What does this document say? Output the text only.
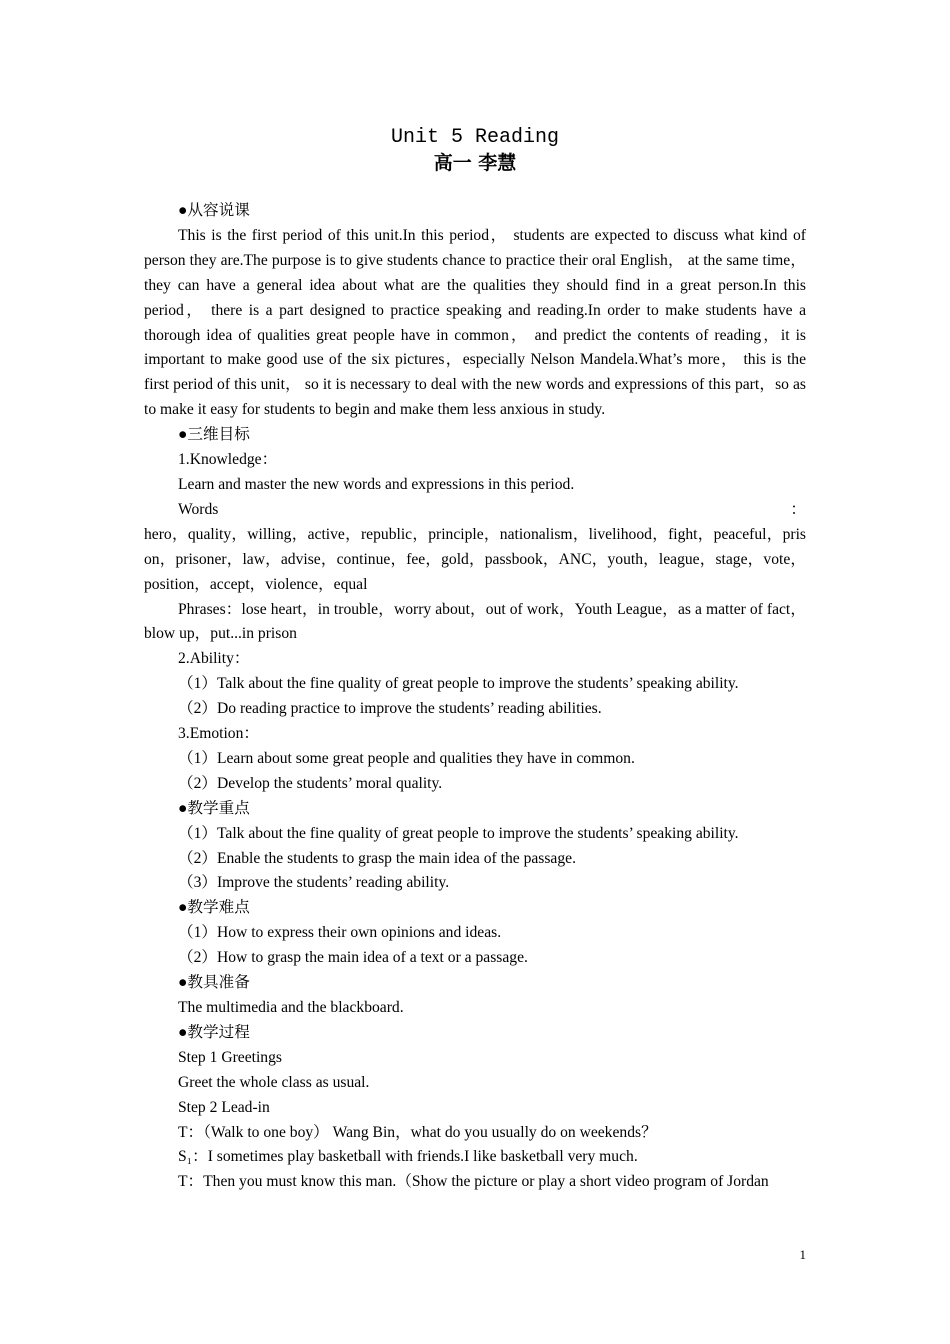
Unit 5 Reading
高一 李慧

●从容说课

This is the first period of this unit.In this period， students are expected to discuss what kind of person they are.The purpose is to give students chance to practice their oral English， at the same time， they can have a general idea about what are the qualities they should find in a great person.In this period， there is a part designed to practice speaking and reading.In order to make students have a thorough idea of qualities great people have in common， and predict the contents of reading，it is important to make good use of the six pictures，especially Nelson Mandela.What’s more， this is the first period of this unit， so it is necessary to deal with the new words and expressions of this part，so as to make it easy for students to begin and make them less anxious in study.

●三维目标

1.Knowledge：

Learn and master the new words and expressions in this period.

Words	：

hero，quality，willing，active，republic，principle，nationalism，livelihood，fight，peaceful，prison，prisoner，law，advise，continue，fee，gold，passbook，ANC，youth，league，stage，vote，position，accept，violence，equal

Phrases：lose heart，in trouble，worry about，out of work，Youth League，as a matter of fact，blow up，put...in prison

2.Ability：

（1）Talk about the fine quality of great people to improve the students’ speaking ability.

（2）Do reading practice to improve the students’ reading abilities.

3.Emotion：

（1）Learn about some great people and qualities they have in common.

（2）Develop the students’ moral quality.

●教学重点

（1）Talk about the fine quality of great people to improve the students’ speaking ability.

（2）Enable the students to grasp the main idea of the passage.

（3）Improve the students’ reading ability.

●教学难点

（1）How to express their own opinions and ideas.

（2）How to grasp the main idea of a text or a passage.

●教具准备

The multimedia and the blackboard.

●教学过程

Step 1 Greetings

Greet the whole class as usual.

Step 2 Lead-in

T：（Walk to one boy） Wang Bin，what do you usually do on weekends？

S₁：I sometimes play basketball with friends.I like basketball very much.

T：Then you must know this man.（Show the picture or play a short video program of Jordan

1
